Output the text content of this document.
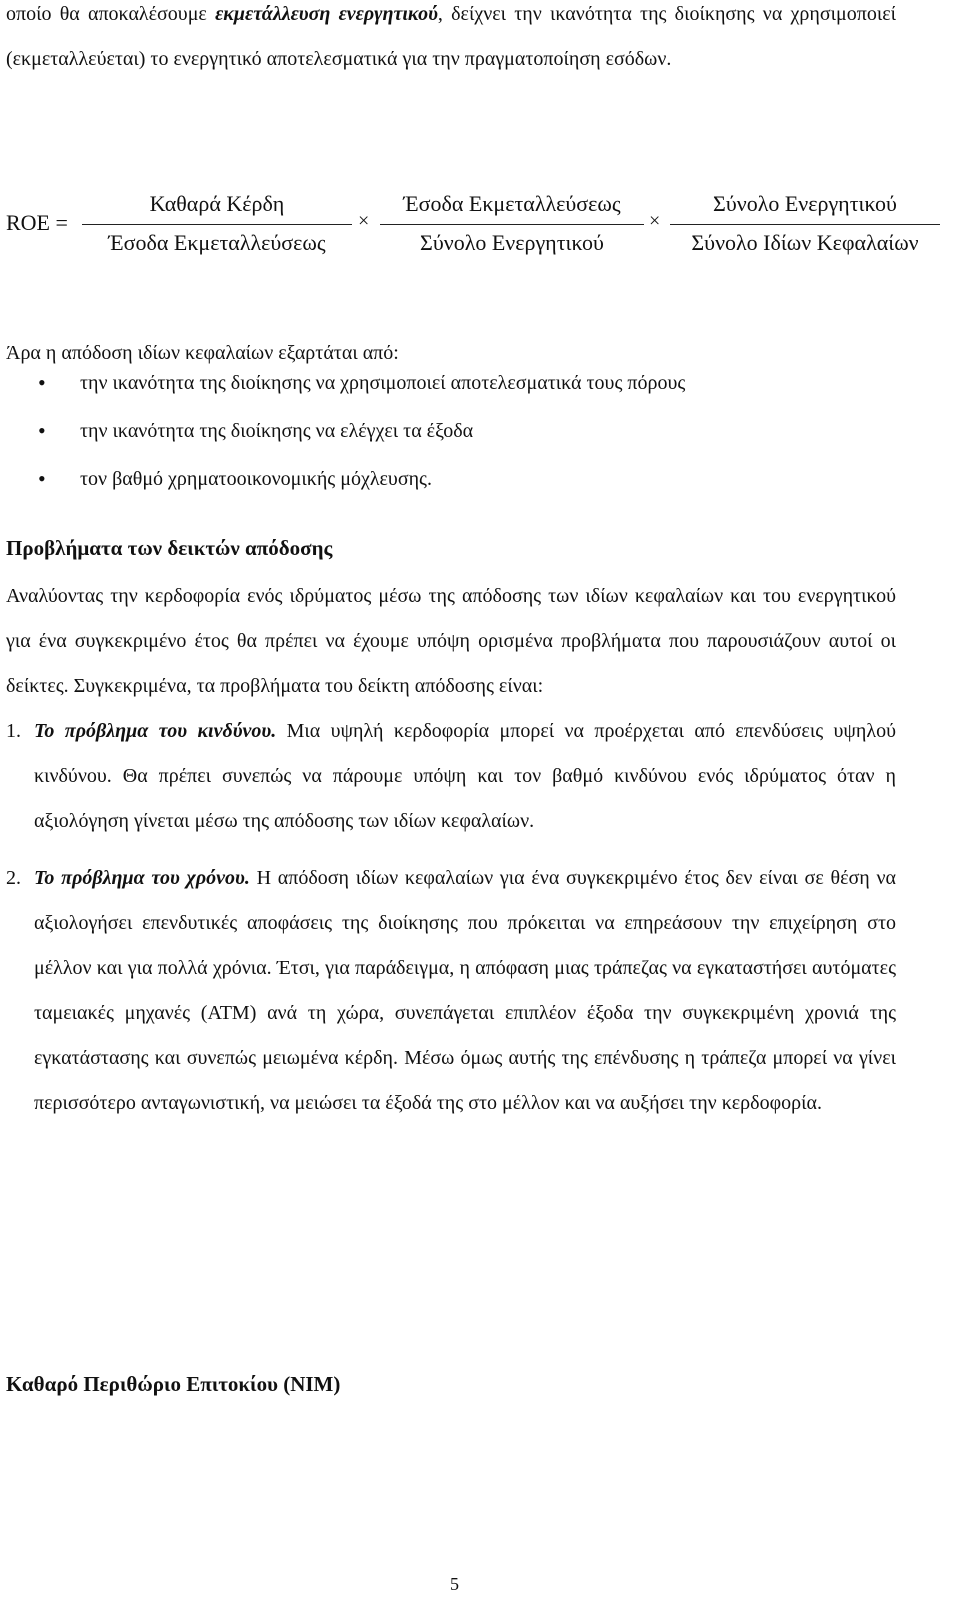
οποίο θα αποκαλέσουμε εκμετάλλευση ενεργητικού, δείχνει την ικανότητα της διοίκησης να χρησιμοποιεί (εκμεταλλεύεται) το ενεργητικό αποτελεσματικά για την πραγματοποίηση εσόδων.

ROE =
Καθαρά Κέρδη
Έσοδα Εκμεταλλεύσεως
×
Έσοδα Εκμεταλλεύσεως
Σύνολο Ενεργητικού
×
Σύνολο Ενεργητικού
Σύνολο Ιδίων Κεφαλαίων

Άρα η απόδοση ιδίων κεφαλαίων εξαρτάται από:

• την ικανότητα της διοίκησης να χρησιμοποιεί αποτελεσματικά τους πόρους
• την ικανότητα της διοίκησης να ελέγχει τα έξοδα
• τον βαθμό χρηματοοικονομικής μόχλευσης.

Προβλήματα των δεικτών απόδοσης

Αναλύοντας την κερδοφορία ενός ιδρύματος μέσω της απόδοσης των ιδίων κεφαλαίων και του ενεργητικού για ένα συγκεκριμένο έτος θα πρέπει να έχουμε υπόψη ορισμένα προβλήματα που παρουσιάζουν αυτοί οι δείκτες. Συγκεκριμένα, τα προβλήματα του δείκτη απόδοσης είναι:

1. Το πρόβλημα του κινδύνου. Μια υψηλή κερδοφορία μπορεί να προέρχεται από επενδύσεις υψηλού κινδύνου. Θα πρέπει συνεπώς να πάρουμε υπόψη και τον βαθμό κινδύνου ενός ιδρύματος όταν η αξιολόγηση γίνεται μέσω της απόδοσης των ιδίων κεφαλαίων.

2. Το πρόβλημα του χρόνου. Η απόδοση ιδίων κεφαλαίων για ένα συγκεκριμένο έτος δεν είναι σε θέση να αξιολογήσει επενδυτικές αποφάσεις της διοίκησης που πρόκειται να επηρεάσουν την επιχείρηση στο μέλλον και για πολλά χρόνια. Έτσι, για παράδειγμα, η απόφαση μιας τράπεζας να εγκαταστήσει αυτόματες ταμειακές μηχανές (ΑΤΜ) ανά τη χώρα, συνεπάγεται επιπλέον έξοδα την συγκεκριμένη χρονιά της εγκατάστασης και συνεπώς μειωμένα κέρδη. Μέσω όμως αυτής της επένδυσης η τράπεζα μπορεί να γίνει περισσότερο ανταγωνιστική, να μειώσει τα έξοδά της στο μέλλον και να αυξήσει την κερδοφορία.

Καθαρό Περιθώριο Επιτοκίου (ΝΙΜ)

5
